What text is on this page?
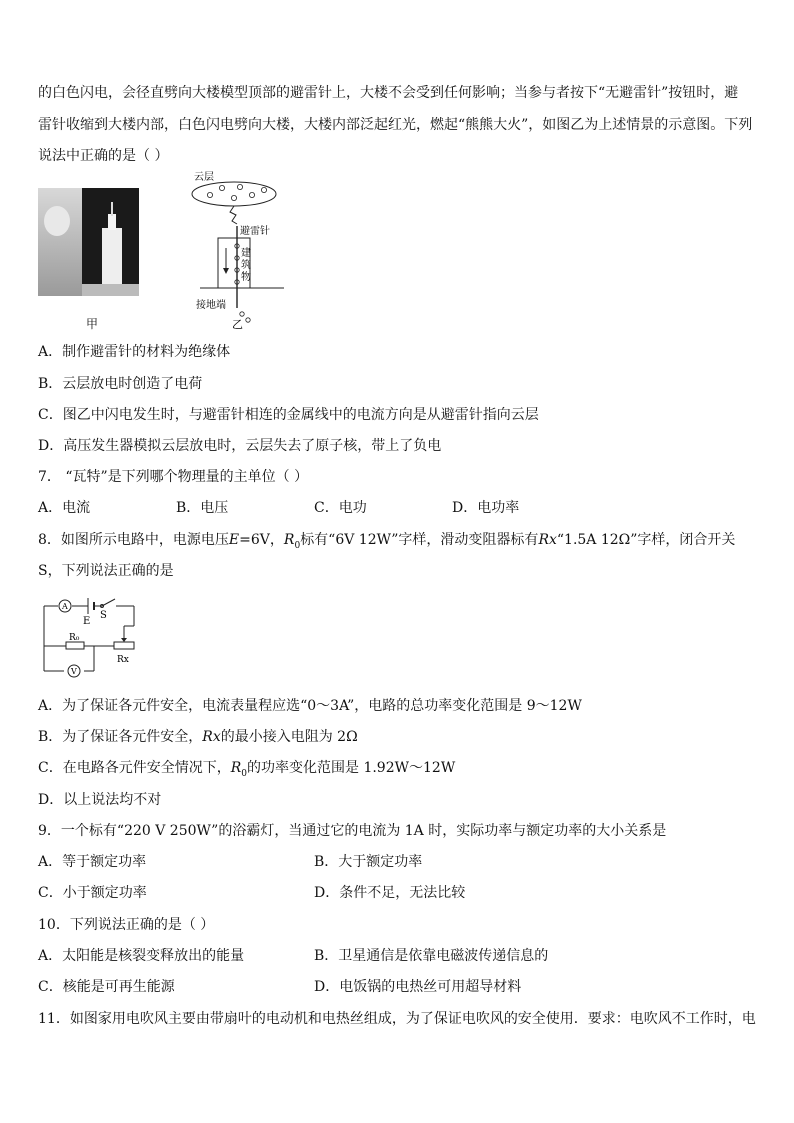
的白色闪电，会径直劈向大楼模型顶部的避雷针上，大楼不会受到任何影响；当参与者按下“无避雷针”按钮时，避
雷针收缩到大楼内部，白色闪电劈向大楼，大楼内部泛起红光，燃起“熊熊大火”，如图乙为上述情景的示意图。下列
说法中正确的是（ ）
甲
云层
避雷针
建
筑
物
接地端
乙
A．制作避雷针的材料为绝缘体
B．云层放电时创造了电荷
C．图乙中闪电发生时，与避雷针相连的金属线中的电流方向是从避雷针指向云层
D．高压发生器模拟云层放电时，云层失去了原子核，带上了负电
7． “瓦特”是下列哪个物理量的主单位（ ）
A．电流	B．电压	C．电功	D．电功率
8．如图所示电路中，电源电压E=6V，$R_0$标有“6V 12W”字样，滑动变阻器标有Rx“1.5A 12Ω”字样，闭合开关
S，下列说法正确的是
A
E
S
R₀
Rx
V
A．为了保证各元件安全，电流表量程应选“0～3A”，电路的总功率变化范围是 9～12W
B．为了保证各元件安全，Rx的最小接入电阻为 2Ω
C．在电路各元件安全情况下，$R_0$的功率变化范围是 1.92W～12W
D．以上说法均不对
9．一个标有“220 V 250W”的浴霸灯，当通过它的电流为 1A 时，实际功率与额定功率的大小关系是
A．等于额定功率	B．大于额定功率
C．小于额定功率	D．条件不足，无法比较
10．下列说法正确的是（ ）
A．太阳能是核裂变释放出的能量	B．卫星通信是依靠电磁波传递信息的
C．核能是可再生能源	D．电饭锅的电热丝可用超导材料
11．如图家用电吹风主要由带扇叶的电动机和电热丝组成，为了保证电吹风的安全使用．要求：电吹风不工作时，电
